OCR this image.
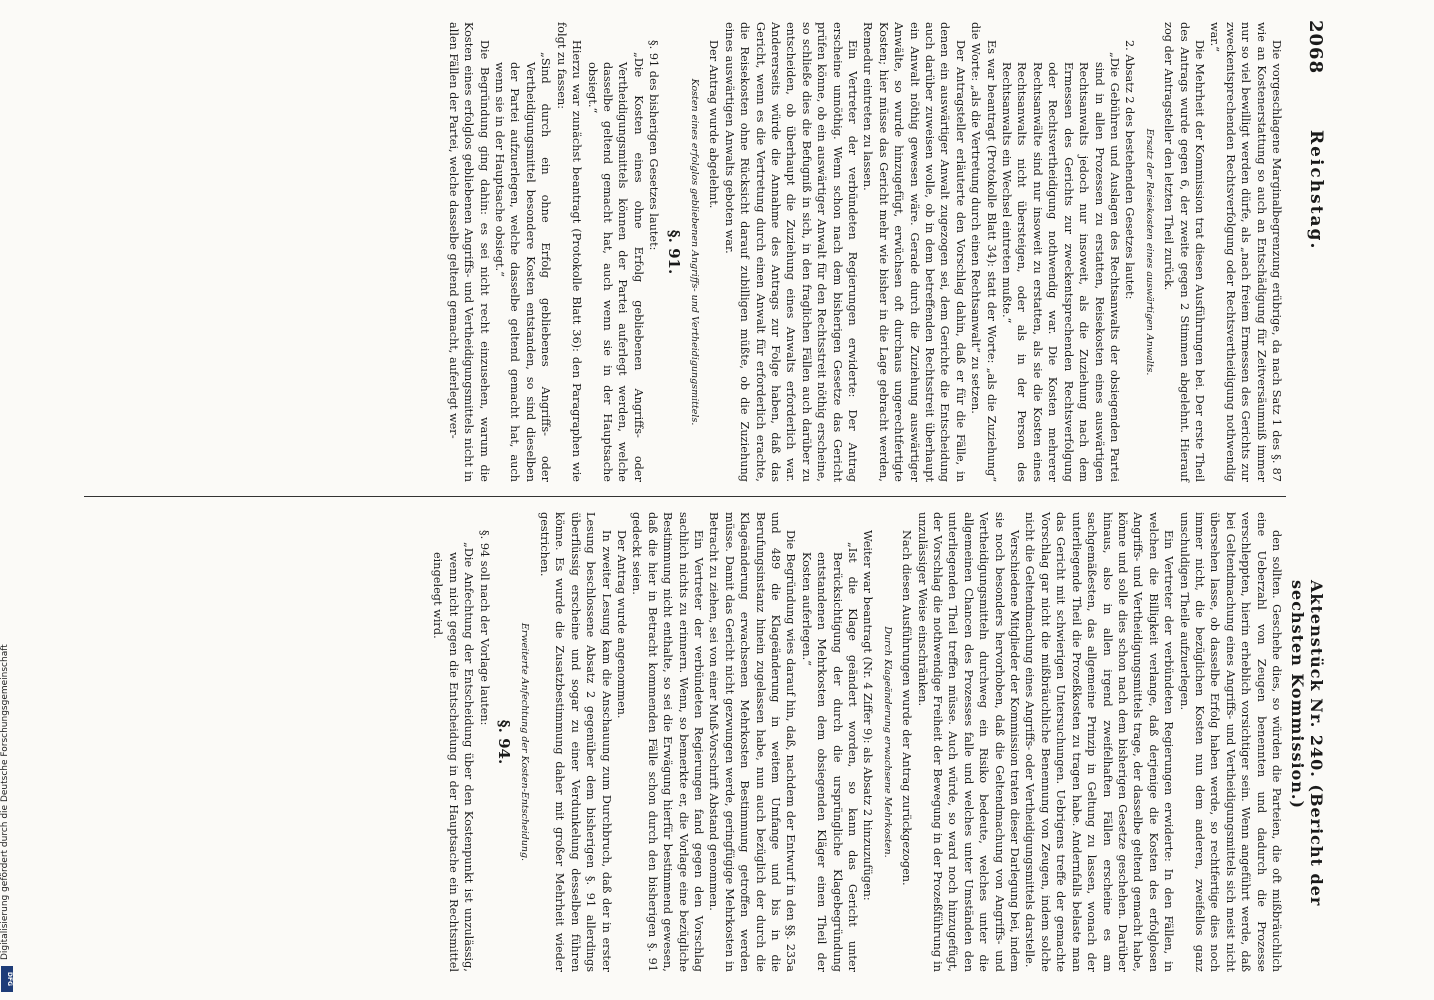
2068
Reichstag.
Aktenstück Nr. 240. (Bericht der sechsten Kommission.)

Die vorgeschlagene Marginalbegrenzung erübrige, da nach Satz 1 des §. 87 wie an Kostenerstattung so auch an Entschädigung für Zeitversäumniß immer nur so viel bewilligt werden dürfe, als „nach freiem Ermessen des Gerichts zur zweckentsprechenden Rechtsverfolgung oder Rechtsvertheidigung nothwendig war.“

Die Mehrheit der Kommission trat diesen Ausführungen bei. Der erste Theil des Antrags wurde gegen 6, der zweite gegen 2 Stimmen abgelehnt. Hierauf zog der Antragsteller den letzten Theil zurück.

Ersatz der Reisekosten eines auswärtigen Anwalts.

2. Absatz 2 des bestehenden Gesetzes lautet:

„Die Gebühren und Auslagen des Rechtsanwalts der obsiegenden Partei sind in allen Prozessen zu erstatten, Reisekosten eines auswärtigen Rechtsanwalts jedoch nur insoweit, als die Zuziehung nach dem Ermessen des Gerichts zur zweckentsprechenden Rechtsverfolgung oder Rechtsvertheidigung nothwendig war. Die Kosten mehrerer Rechtsanwälte sind nur insoweit zu erstatten, als sie die Kosten eines Rechtsanwalts nicht übersteigen, oder als in der Person des Rechtsanwalts ein Wechsel eintreten mußte.“

Es war beantragt (Protokolle Blatt 34): statt der Worte: „als die Zuziehung“ die Worte: „als die Vertretung durch einen Rechtsanwalt“ zu setzen.

Der Antragsteller erläuterte den Vorschlag dahin, daß er für die Fälle, in denen ein auswärtiger Anwalt zugezogen sei, dem Gerichte die Entscheidung auch darüber zuweisen wolle, ob in dem betreffenden Rechtsstreit überhaupt ein Anwalt nöthig gewesen wäre. Gerade durch die Zuziehung auswärtiger Anwälte, so wurde hinzugefügt, erwüchsen oft durchaus ungerechtfertigte Kosten; hier müsse das Gericht mehr wie bisher in die Lage gebracht werden, Remedur eintreten zu lassen.

Ein Vertreter der verbündeten Regierungen erwiderte: Der Antrag erscheine unnöthig. Wenn schon nach dem bisherigen Gesetze das Gericht prüfen könne, ob ein auswärtiger Anwalt für den Rechtsstreit nöthig erscheine, so schließe dies die Befugniß in sich, in den fraglichen Fällen auch darüber zu entscheiden, ob überhaupt die Zuziehung eines Anwalts erforderlich war. Andererseits würde die Annahme des Antrags zur Folge haben, daß das Gericht, wenn es die Vertretung durch einen Anwalt für erforderlich erachte, die Reisekosten ohne Rücksicht darauf zubilligen müßte, ob die Zuziehung eines auswärtigen Anwalts geboten war.

Der Antrag wurde abgelehnt.

Kosten eines erfolglos gebliebenen Angriffs- und Vertheidigungsmittels.

§. 91.

§. 91 des bisherigen Gesetzes lautet:

„Die Kosten eines ohne Erfolg gebliebenen Angriffs- oder Vertheidigungsmittels können der Partei auferlegt werden, welche dasselbe geltend gemacht hat, auch wenn sie in der Hauptsache obsiegt.“

Hierzu war zunächst beantragt (Protokolle Blatt 36): den Paragraphen wie folgt zu fassen:

„Sind durch ein ohne Erfolg gebliebenes Angriffs- oder Vertheidigungsmittel besondere Kosten entstanden, so sind dieselben der Partei aufzuerlegen, welche dasselbe geltend gemacht hat, auch wenn sie in der Hauptsache obsiegt.“

Die Begründung ging dahin: es sei nicht recht einzusehen, warum die Kosten eines erfolglos gebliebenen Angriffs- und Vertheidigungsmittels nicht in allen Fällen der Partei, welche dasselbe geltend gemacht, auferlegt wer-

den sollten. Geschehe dies, so würden die Parteien, die oft mißbräuchlich eine Ueberzahl von Zeugen benennten und dadurch die Prozesse verschleppten, hierin erheblich vorsichtiger sein. Wenn angeführt werde, daß bei Geltendmachung eines Angriffs- und Vertheidigungsmittels sich meist nicht übersehen lasse, ob dasselbe Erfolg haben werde, so rechtfertige dies noch immer nicht, die bezüglichen Kosten nun dem anderen, zweifellos ganz unschuldigen Theile aufzuerlegen.

Ein Vertreter der verbündeten Regierungen erwiderte: In den Fällen, in welchen die Billigkeit verlange, daß derjenige die Kosten des erfolglosen Angriffs- und Vertheidigungsmittels trage, der dasselbe geltend gemacht habe, könne und solle dies schon nach dem bisherigen Gesetze geschehen. Darüber hinaus, also in allen irgend zweifelhaften Fällen erscheine es am sachgemäßesten, das allgemeine Prinzip in Geltung zu lassen, wonach der unterliegende Theil die Prozeßkosten zu tragen habe. Andernfalls belaste man das Gericht mit schwierigen Untersuchungen. Uebrigens treffe der gemachte Vorschlag gar nicht die mißbräuchliche Benennung von Zeugen, indem solche nicht die Geltendmachung eines Angriffs- oder Vertheidigungsmittels darstelle.

Verschiedene Mitglieder der Kommission traten dieser Darlegung bei, indem sie noch besonders hervorhoben, daß die Geltendmachung von Angriffs- und Vertheidigungsmitteln durchweg ein Risiko bedeute, welches unter die allgemeinen Chancen des Prozesses falle und welches unter Umständen den unterliegenden Theil treffen müsse. Auch würde, so ward noch hinzugefügt, der Vorschlag die nothwendige Freiheit der Bewegung in der Prozeßführung in unzulässiger Weise einschränken.

Nach diesen Ausführungen wurde der Antrag zurückgezogen.

Durch Klageänderung erwachsene Mehrkosten.

Weiter war beantragt (Nr. 4 Ziffer 9): als Absatz 2 hinzuzufügen:

„Ist die Klage geändert worden, so kann das Gericht unter Berücksichtigung der durch die ursprüngliche Klagebegründung entstandenen Mehrkosten dem obsiegenden Kläger einen Theil der Kosten auferlegen.“

Die Begründung wies darauf hin, daß, nachdem der Entwurf in den §§. 235a und 489 die Klageänderung in weitem Umfange und bis in die Berufungsinstanz hinein zugelassen habe, nun auch bezüglich der durch die Klageänderung erwachsenen Mehrkosten Bestimmung getroffen werden müsse. Damit das Gericht nicht gezwungen werde, geringfügige Mehrkosten in Betracht zu ziehen, sei von einer Muß-Vorschrift Abstand genommen.

Ein Vertreter der verbündeten Regierungen fand gegen den Vorschlag sachlich nichts zu erinnern. Wenn, so bemerkte er, die Vorlage eine bezügliche Bestimmung nicht enthalte, so sei die Erwägung hierfür bestimmend gewesen, daß die hier in Betracht kommenden Fälle schon durch den bisherigen §. 91 gedeckt seien.

Der Antrag wurde angenommen.

In zweiter Lesung kam die Anschauung zum Durchbruch, daß der in erster Lesung beschlossene Absatz 2 gegenüber dem bisherigen §. 91 allerdings überflüssig erscheine und sogar zu einer Verdunkelung desselben führen könne. Es wurde die Zusatzbestimmung daher mit großer Mehrheit wieder gestrichen.

Erweiterte Anfechtung der Kosten-Entscheidung.

§. 94.

§. 94 soll nach der Vorlage lauten:

„Die Anfechtung der Entscheidung über den Kostenpunkt ist unzulässig, wenn nicht gegen die Entscheidung in der Hauptsache ein Rechtsmittel eingelegt wird.

Digitalisierung gefördert durch die Deutsche Forschungsgemeinschaft
DFG
